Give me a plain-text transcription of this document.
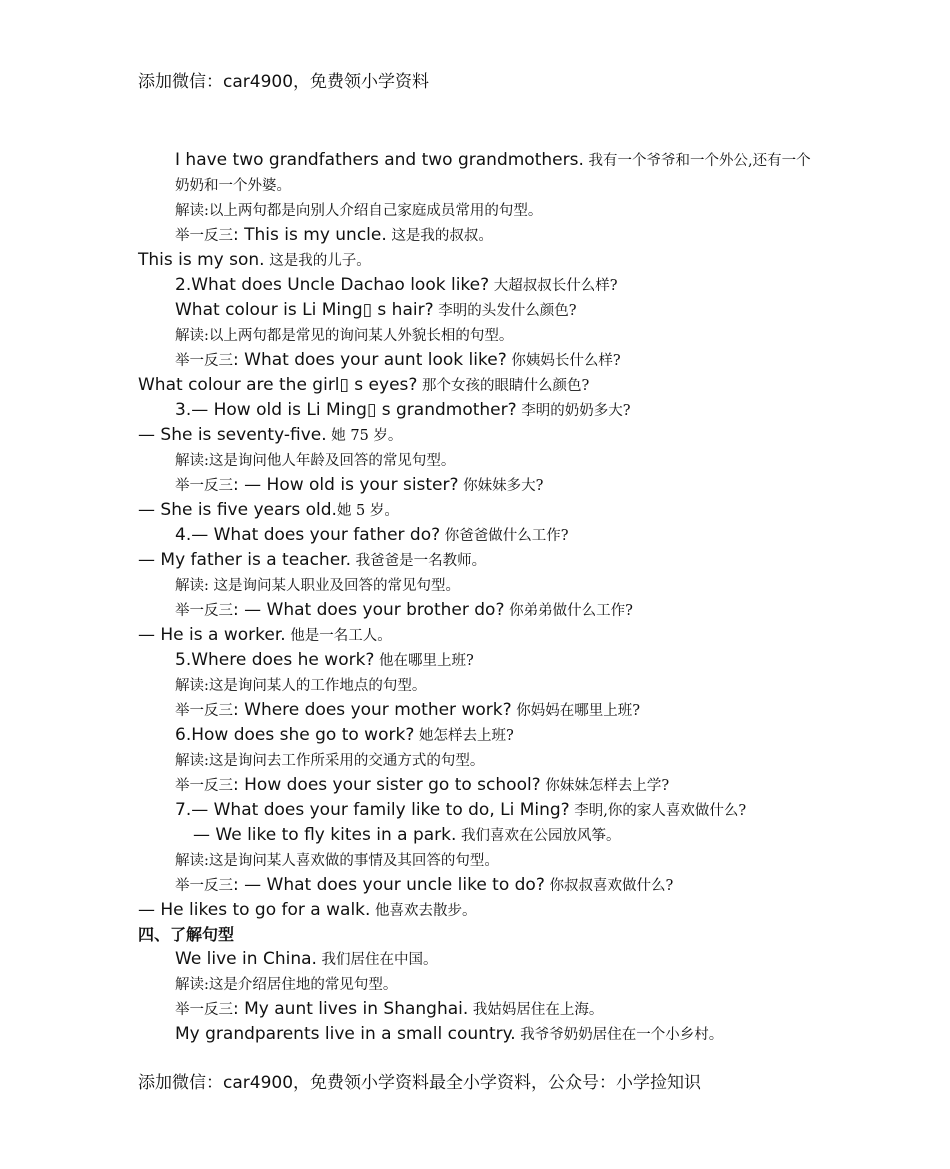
添加微信：car4900，免费领小学资料
I have two grandfathers and two grandmothers. 我有一个爷爷和一个外公,还有一个奶奶和一个外婆。
解读:以上两句都是向别人介绍自己家庭成员常用的句型。
举一反三: This is my uncle. 这是我的叔叔。
This is my son. 这是我的儿子。
2.What does Uncle Dachao look like? 大超叔叔长什么样?
What colour is Li Ming▯ s hair? 李明的头发什么颜色?
解读:以上两句都是常见的询问某人外貌长相的句型。
举一反三: What does your aunt look like? 你姨妈长什么样?
What colour are the girl▯ s eyes? 那个女孩的眼睛什么颜色?
3.— How old is Li Ming▯ s grandmother? 李明的奶奶多大?
— She is seventy-five. 她 75 岁。
解读:这是询问他人年龄及回答的常见句型。
举一反三: — How old is your sister? 你妹妹多大?
— She is five years old.她 5 岁。
4.— What does your father do? 你爸爸做什么工作?
— My father is a teacher. 我爸爸是一名教师。
解读: 这是询问某人职业及回答的常见句型。
举一反三: — What does your brother do? 你弟弟做什么工作?
— He is a worker. 他是一名工人。
5.Where does he work? 他在哪里上班?
解读:这是询问某人的工作地点的句型。
举一反三: Where does your mother work? 你妈妈在哪里上班?
6.How does she go to work? 她怎样去上班?
解读:这是询问去工作所采用的交通方式的句型。
举一反三: How does your sister go to school? 你妹妹怎样去上学?
7.— What does your family like to do, Li Ming? 李明,你的家人喜欢做什么?
— We like to fly kites in a park. 我们喜欢在公园放风筝。
解读:这是询问某人喜欢做的事情及其回答的句型。
举一反三: — What does your uncle like to do? 你叔叔喜欢做什么?
— He likes to go for a walk. 他喜欢去散步。
四、了解句型
We live in China. 我们居住在中国。
解读:这是介绍居住地的常见句型。
举一反三: My aunt lives in Shanghai. 我姑妈居住在上海。
My grandparents live in a small country. 我爷爷奶奶居住在一个小乡村。
添加微信：car4900，免费领小学资料最全小学资料，公众号：小学捡知识
